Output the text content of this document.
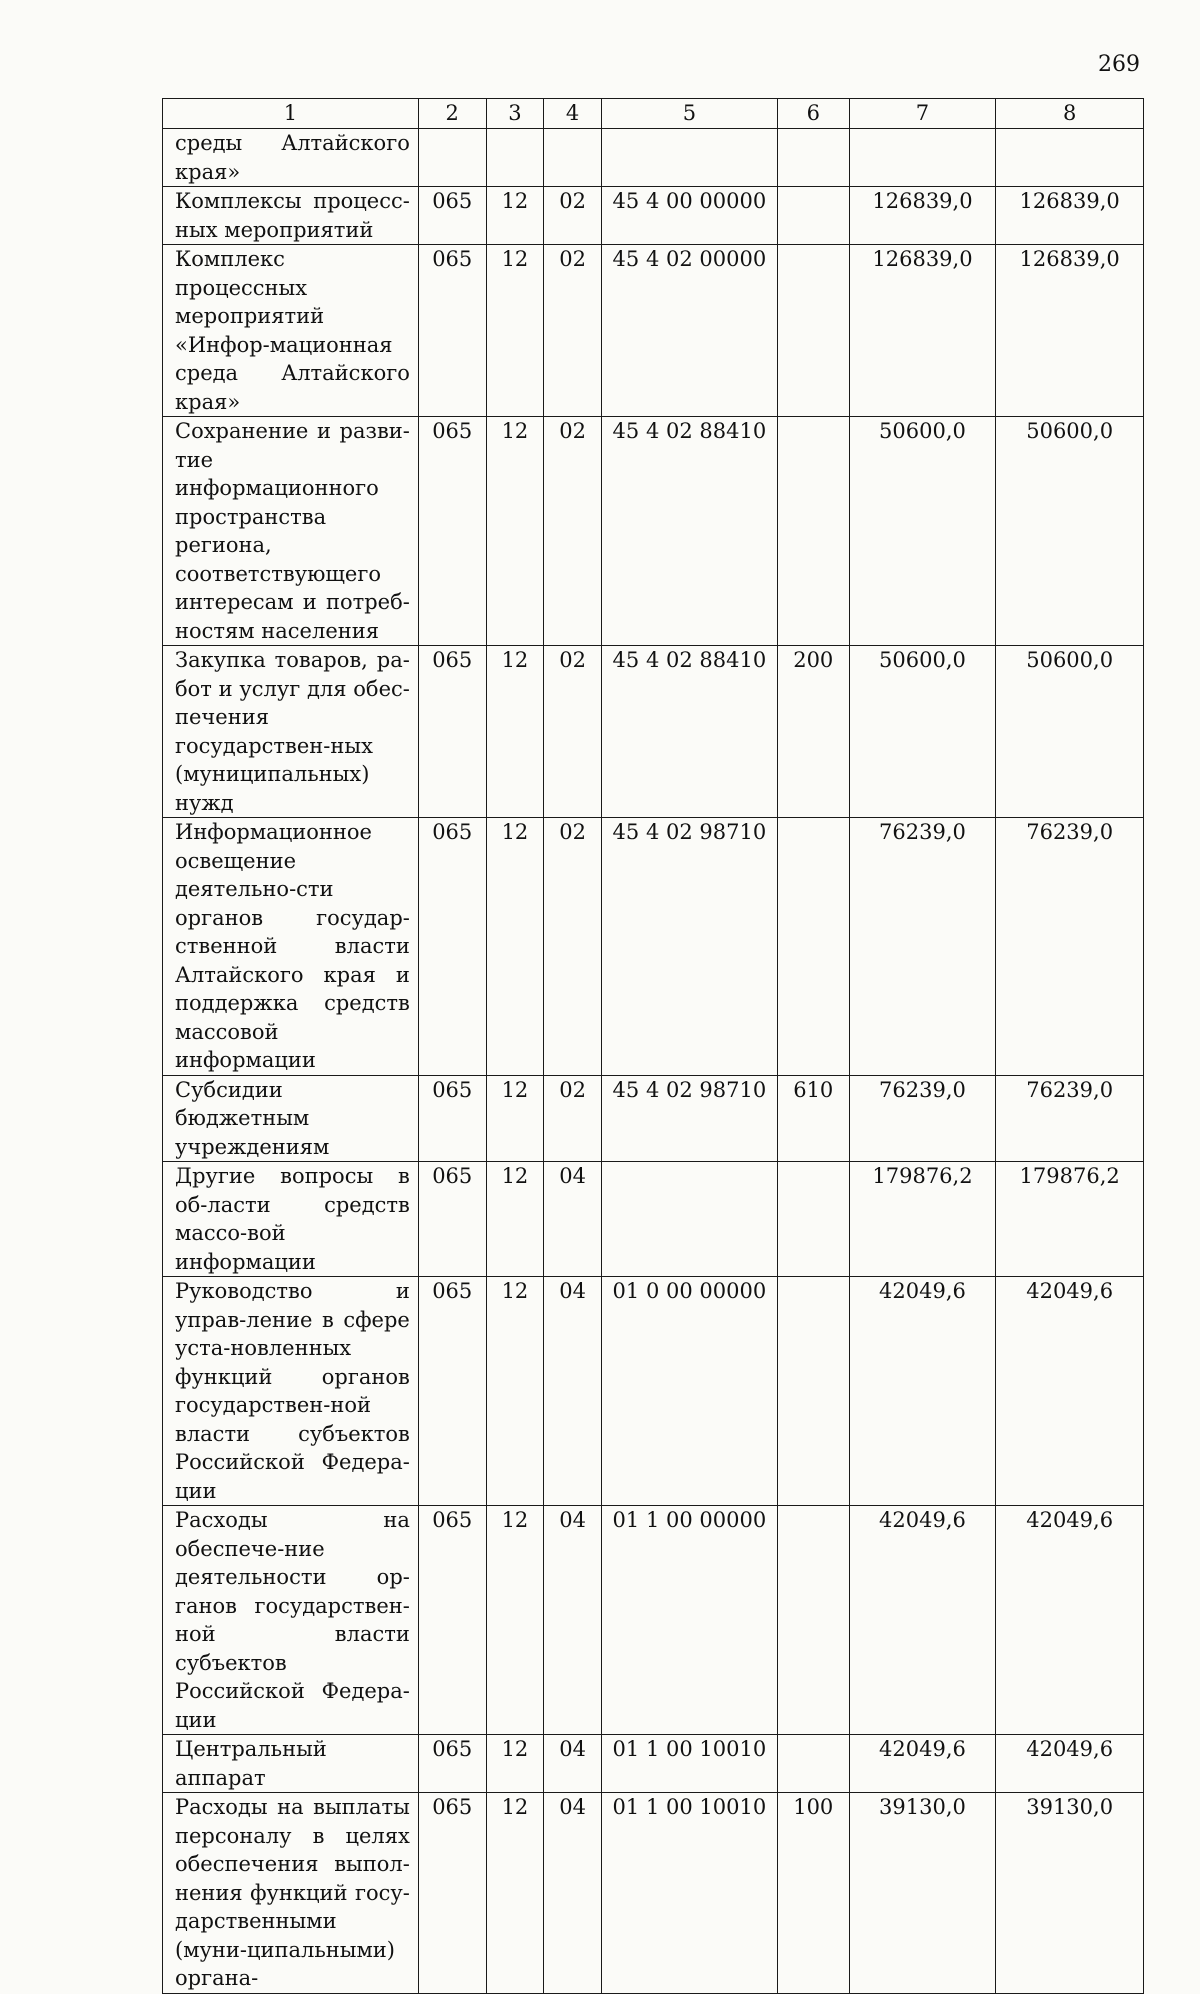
269
1	2	3	4	5	6	7	8
среды Алтайского края»							
Комплексы процесс-ных мероприятий	065	12	02	45 4 00 00000		126839,0	126839,0
Комплекс процессных мероприятий «Инфор-мационная среда Алтайского края»	065	12	02	45 4 02 00000		126839,0	126839,0
Сохранение и разви-тие информационного пространства региона, соответствующего интересам и потреб-ностям населения	065	12	02	45 4 02 88410		50600,0	50600,0
Закупка товаров, ра-бот и услуг для обес-печения государствен-ных (муниципальных) нужд	065	12	02	45 4 02 88410	200	50600,0	50600,0
Информационное освещение деятельно-сти органов государ-ственной власти Алтайского края и поддержка средств массовой информации	065	12	02	45 4 02 98710		76239,0	76239,0
Субсидии бюджетным учреждениям	065	12	02	45 4 02 98710	610	76239,0	76239,0
Другие вопросы в об-ласти средств массо-вой информации	065	12	04			179876,2	179876,2
Руководство и управ-ление в сфере уста-новленных функций органов государствен-ной власти субъектов Российской Федера-ции	065	12	04	01 0 00 00000		42049,6	42049,6
Расходы на обеспече-ние деятельности ор-ганов государствен-ной власти субъектов Российской Федера-ции	065	12	04	01 1 00 00000		42049,6	42049,6
Центральный аппарат	065	12	04	01 1 00 10010		42049,6	42049,6
Расходы на выплаты персоналу в целях обеспечения выпол-нения функций госу-дарственными (муни-ципальными) органа-	065	12	04	01 1 00 10010	100	39130,0	39130,0
